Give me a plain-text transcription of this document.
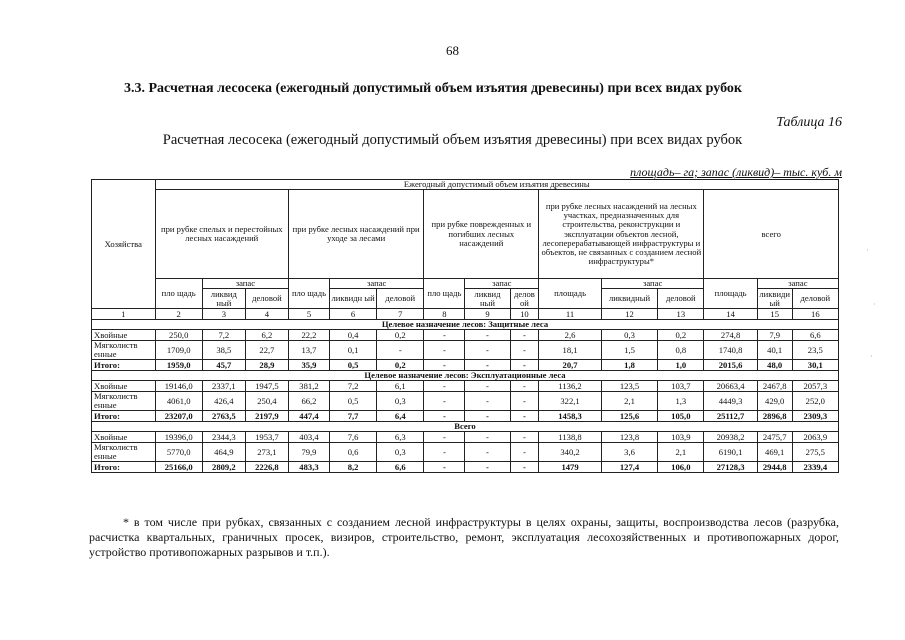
68
3.3. Расчетная лесосека (ежегодный допустимый объем изъятия древесины) при всех видах рубок
Таблица 16
Расчетная лесосека (ежегодный допустимый объем изъятия древесины) при всех видах рубок
площадь– га; запас (ликвид)– тыс. куб. м
Хозяйства	Ежегодный допустимый объем изъятия древесины														
	при рубке спелых и перестойных лесных насаждений			при рубке лесных насаждений при уходе за лесами			при рубке поврежденных и погибших лесных насаждений			при рубке лесных насаждений на лесных участках, предназначенных для строительства, реконструкции и эксплуатации объектов лесной, лесоперерабатывающей инфраструктуры и объектов, не связанных с созданием лесной инфраструктуры*			всего		
	пло щадь	запас		пло щадь	запас		пло щадь	запас		площадь	запас		площадь	запас	
		ликвид ный	деловой		ликвидн ый	деловой		ликвид ный	делов ой		ликвидный	деловой		ликвиди ый	деловой
1	2	3	4	5	6	7	8	9	10	11	12	13	14	15	16
Целевое назначение лесов: Защитные леса															
Хвойные	250,0	7,2	6,2	22,2	0,4	0,2	-	-	-	2,6	0,3	0,2	274,8	7,9	6,6
Мягколиств енные	1709,0	38,5	22,7	13,7	0,1	-	-	-	-	18,1	1,5	0,8	1740,8	40,1	23,5
Итого:	1959,0	45,7	28,9	35,9	0,5	0,2	-	-	-	20,7	1,8	1,0	2015,6	48,0	30,1
Целевое назначение лесов: Эксплуатационные леса															
Хвойные	19146,0	2337,1	1947,5	381,2	7,2	6,1	-	-	-	1136,2	123,5	103,7	20663,4	2467,8	2057,3
Мягколиств енные	4061,0	426,4	250,4	66,2	0,5	0,3	-	-	-	322,1	2,1	1,3	4449,3	429,0	252,0
Итого:	23207,0	2763,5	2197,9	447,4	7,7	6,4	-	-	-	1458,3	125,6	105,0	25112,7	2896,8	2309,3
Всего															
Хвойные	19396,0	2344,3	1953,7	403,4	7,6	6,3	-	-	-	1138,8	123,8	103,9	20938,2	2475,7	2063,9
Мягколиств енные	5770,0	464,9	273,1	79,9	0,6	0,3	-	-	-	340,2	3,6	2,1	6190,1	469,1	275,5
Итого:	25166,0	2809,2	2226,8	483,3	8,2	6,6	-	-	-	1479	127,4	106,0	27128,3	2944,8	2339,4
* в том числе при рубках, связанных с созданием лесной инфраструктуры в целях охраны, защиты, воспроизводства лесов (разрубка, расчистка квартальных, граничных просек, визиров, строительство, ремонт, эксплуатация лесохозяйственных и противопожарных дорог, устройство противопожарных разрывов и т.п.).
·
·
·
